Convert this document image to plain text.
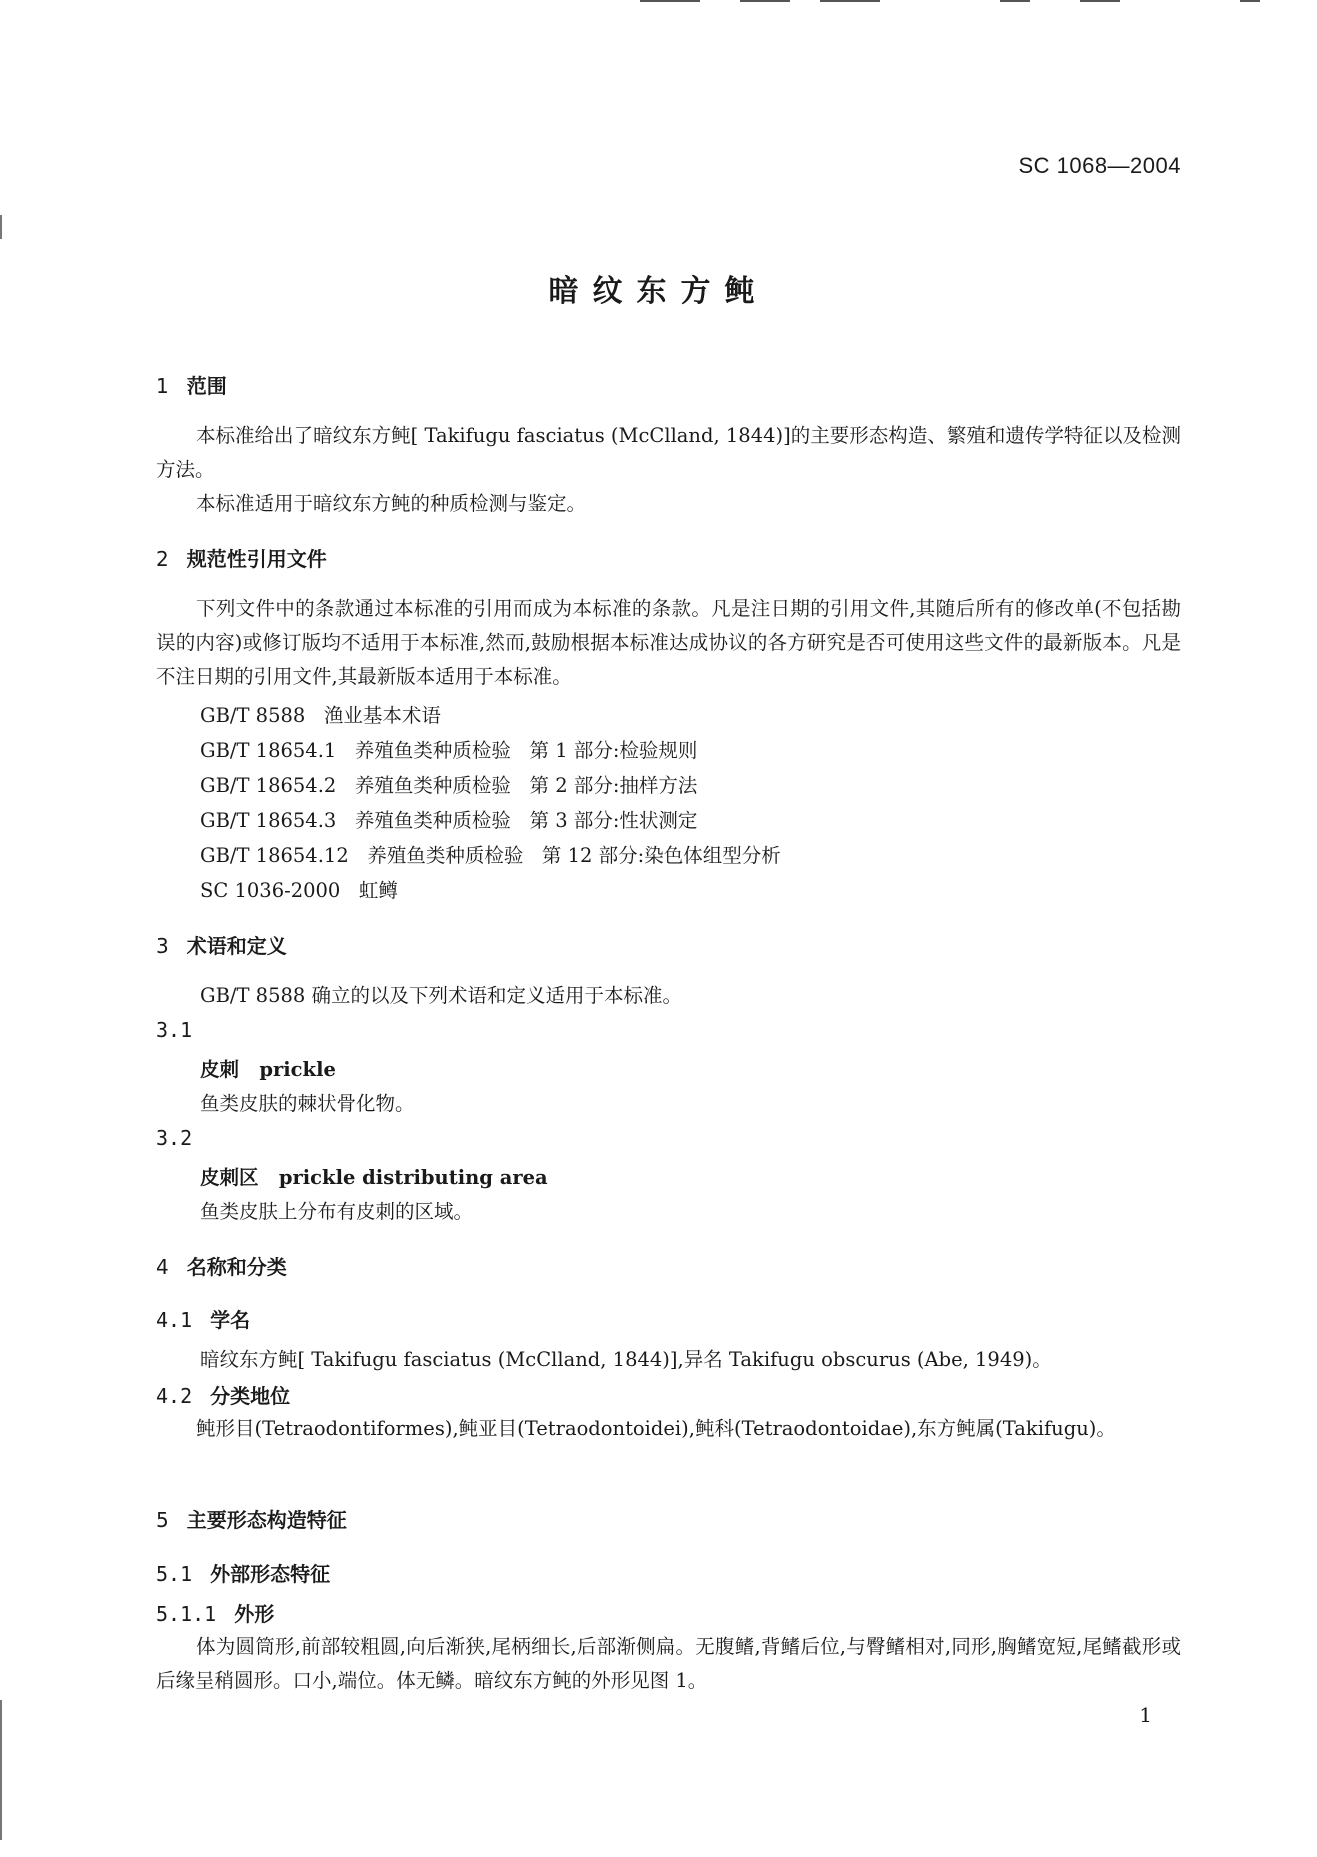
SC 1068—2004
暗纹东方鲀
1 范围
本标准给出了暗纹东方鲀[ Takifugu fasciatus (McClland, 1844)]的主要形态构造、繁殖和遗传学特征以及检测方法。
本标准适用于暗纹东方鲀的种质检测与鉴定。
2 规范性引用文件
下列文件中的条款通过本标准的引用而成为本标准的条款。凡是注日期的引用文件,其随后所有的修改单(不包括勘误的内容)或修订版均不适用于本标准,然而,鼓励根据本标准达成协议的各方研究是否可使用这些文件的最新版本。凡是不注日期的引用文件,其最新版本适用于本标准。
GB/T 8588   渔业基本术语
GB/T 18654.1   养殖鱼类种质检验   第 1 部分:检验规则
GB/T 18654.2   养殖鱼类种质检验   第 2 部分:抽样方法
GB/T 18654.3   养殖鱼类种质检验   第 3 部分:性状测定
GB/T 18654.12   养殖鱼类种质检验   第 12 部分:染色体组型分析
SC 1036-2000   虹鳟
3 术语和定义
GB/T 8588 确立的以及下列术语和定义适用于本标准。
3.1
皮刺   prickle
鱼类皮肤的棘状骨化物。
3.2
皮刺区   prickle distributing area
鱼类皮肤上分布有皮刺的区域。
4 名称和分类
4.1 学名
暗纹东方鲀[ Takifugu fasciatus (McClland, 1844)],异名 Takifugu obscurus (Abe, 1949)。
4.2 分类地位
鲀形目(Tetraodontiformes),鲀亚目(Tetraodontoidei),鲀科(Tetraodontoidae),东方鲀属(Takifugu)。
5 主要形态构造特征
5.1 外部形态特征
5.1.1 外形
体为圆筒形,前部较粗圆,向后渐狭,尾柄细长,后部渐侧扁。无腹鳍,背鳍后位,与臀鳍相对,同形,胸鳍宽短,尾鳍截形或后缘呈稍圆形。口小,端位。体无鳞。暗纹东方鲀的外形见图 1。
1
